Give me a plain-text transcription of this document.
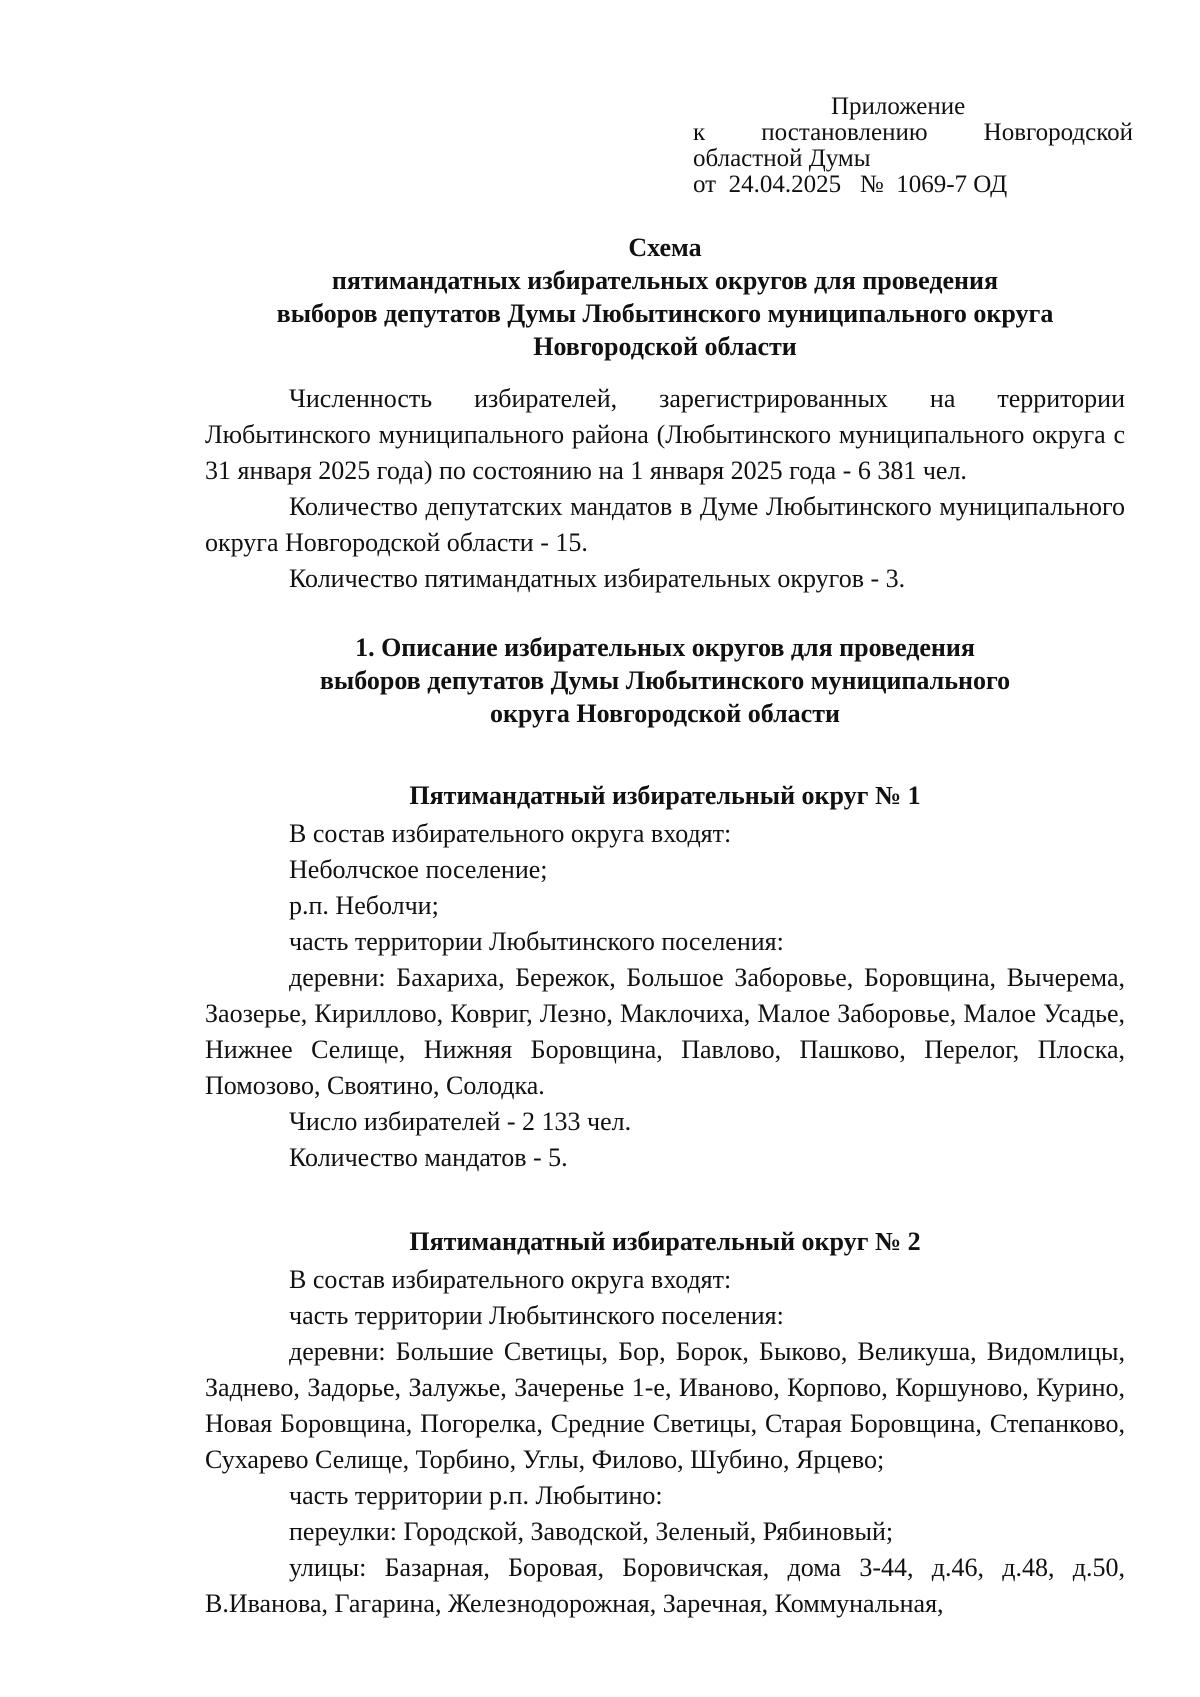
Приложение
к постановлению Новгородской
областной Думы
от  24.04.2025   №  1069-7 ОД
Схема
пятимандатных избирательных округов для проведения
выборов депутатов Думы Любытинского муниципального округа
Новгородской области

Численность избирателей, зарегистрированных на территории Любытинского муниципального района (Любытинского муниципального округа с 31 января 2025 года) по состоянию на 1 января 2025 года - 6 381 чел.

Количество депутатских мандатов в Думе Любытинского муниципального округа Новгородской области - 15.

Количество пятимандатных избирательных округов - 3.

1. Описание избирательных округов для проведения
выборов депутатов Думы Любытинского муниципального
округа Новгородской области
Пятимандатный избирательный округ № 1

В состав избирательного округа входят:

Неболчское поселение;

р.п. Неболчи;

часть территории Любытинского поселения:

деревни: Бахариха, Бережок, Большое Заборовье, Боровщина, Вычерема, Заозерье, Кириллово, Ковриг, Лезно, Маклочиха, Малое Заборовье, Малое Усадье, Нижнее Селище, Нижняя Боровщина, Павлово, Пашково, Перелог, Плоска, Помозово, Своятино, Солодка.

Число избирателей - 2 133 чел.

Количество мандатов - 5.

Пятимандатный избирательный округ № 2

В состав избирательного округа входят:

часть территории Любытинского поселения:

деревни: Большие Светицы, Бор, Борок, Быково, Великуша, Видомлицы, Заднево, Задорье, Залужье, Зачеренье 1-е, Иваново, Корпово, Коршуново, Курино, Новая Боровщина, Погорелка, Средние Светицы, Старая Боровщина, Степанково, Сухарево Селище, Торбино, Углы, Филово, Шубино, Ярцево;

часть территории р.п. Любытино:

переулки: Городской, Заводской, Зеленый, Рябиновый;

улицы: Базарная, Боровая, Боровичская, дома 3-44, д.46, д.48, д.50, В.Иванова, Гагарина, Железнодорожная, Заречная, Коммунальная,
